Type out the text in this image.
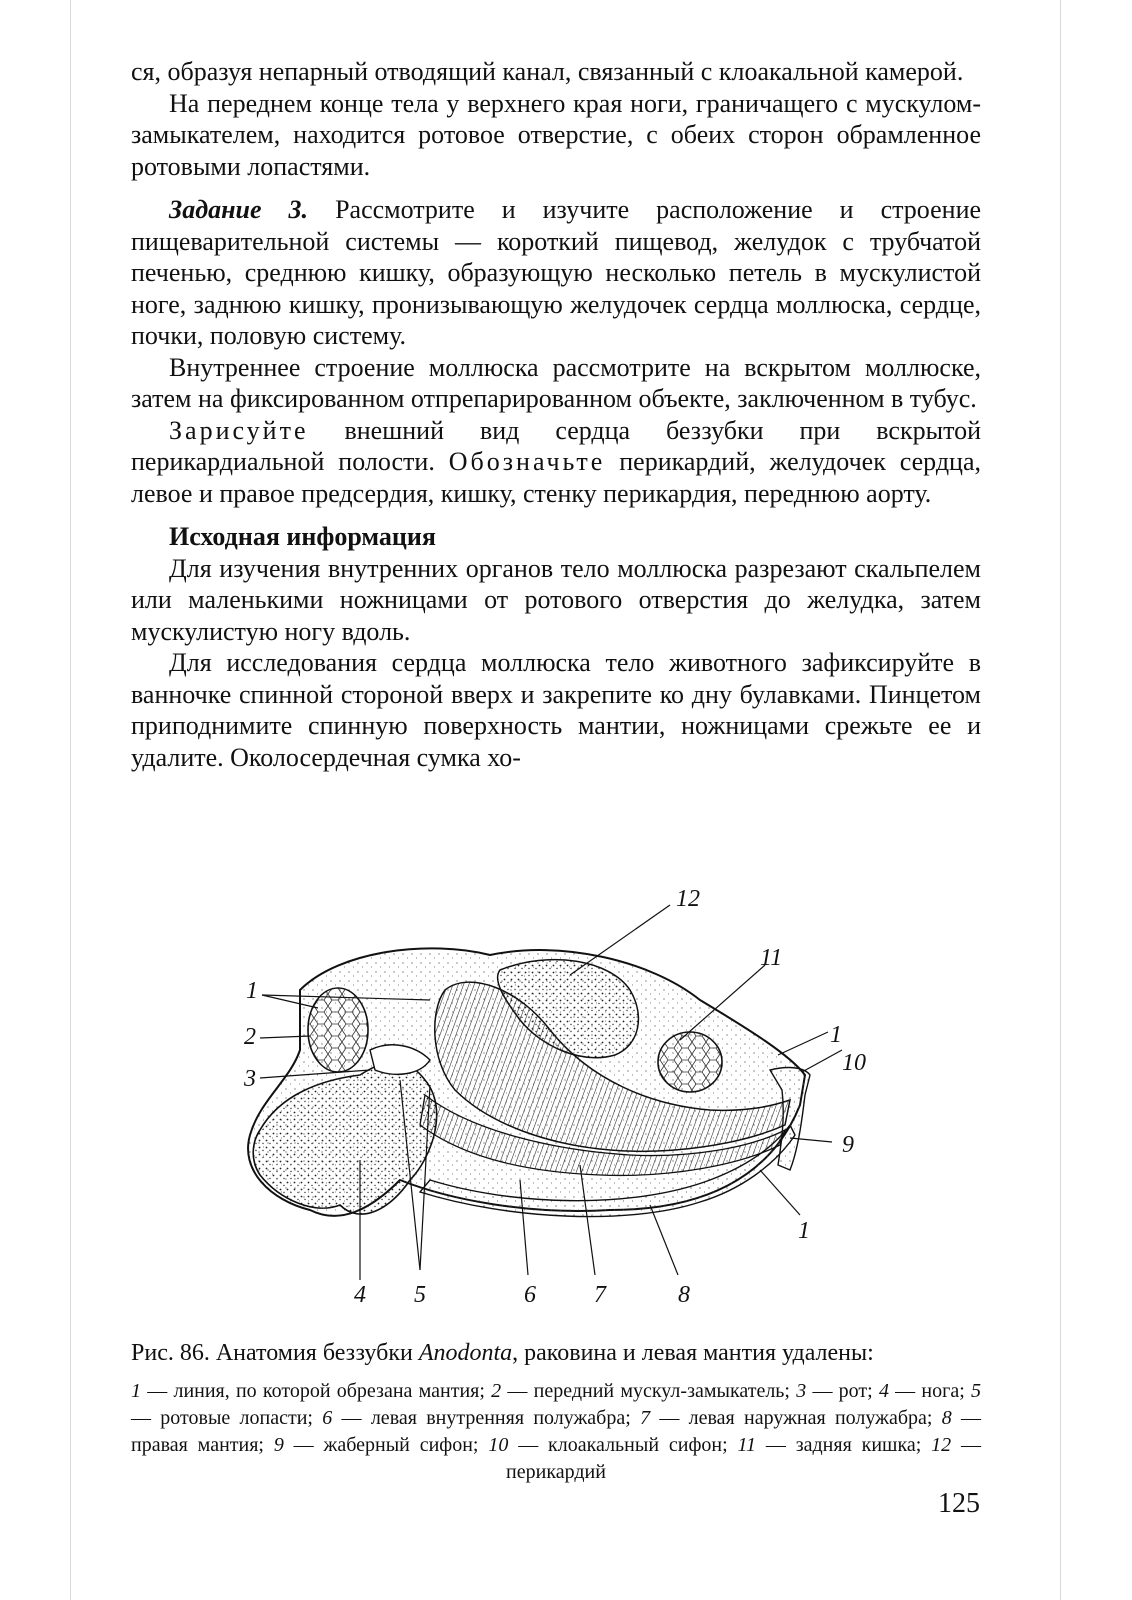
ся, образуя непарный отводящий канал, связанный с клоакальной камерой.

На переднем конце тела у верхнего края ноги, граничащего с мускулом-замыкателем, находится ротовое отверстие, с обеих сторон обрамленное ротовыми лопастями.

Задание 3. Рассмотрите и изучите расположение и строение пищеварительной системы — короткий пищевод, желудок с трубчатой печенью, среднюю кишку, образующую несколько петель в мускулистой ноге, заднюю кишку, пронизывающую желудочек сердца моллюска, сердце, почки, половую систему.

Внутреннее строение моллюска рассмотрите на вскрытом моллюске, затем на фиксированном отпрепарированном объекте, заключенном в тубус.

Зарисуйте внешний вид сердца беззубки при вскрытой перикардиальной полости. Обозначьте перикардий, желудочек сердца, левое и правое предсердия, кишку, стенку перикардия, переднюю аорту.

Исходная информация

Для изучения внутренних органов тело моллюска разрезают скальпелем или маленькими ножницами от ротового отверстия до желудка, затем мускулистую ногу вдоль.

Для исследования сердца моллюска тело животного зафиксируйте в ванночке спинной стороной вверх и закрепите ко дну булавками. Пинцетом приподнимите спинную поверхность мантии, ножницами срежьте ее и удалите. Околосердечная сумка хо-

1
2
3
4 5	6 7	8
9
10
1
11
12
1
Рис. 86. Анатомия беззубки Anodonta, раковина и левая мантия удалены:
1 — линия, по которой обрезана мантия; 2 — передний мускул-замыкатель; 3 — рот; 4 — нога; 5 — ротовые лопасти; 6 — левая внутренняя полужабра; 7 — левая наружная полужабра; 8 — правая мантия; 9 — жаберный сифон; 10 — клоакальный сифон; 11 — задняя кишка; 12 — перикардий
125
